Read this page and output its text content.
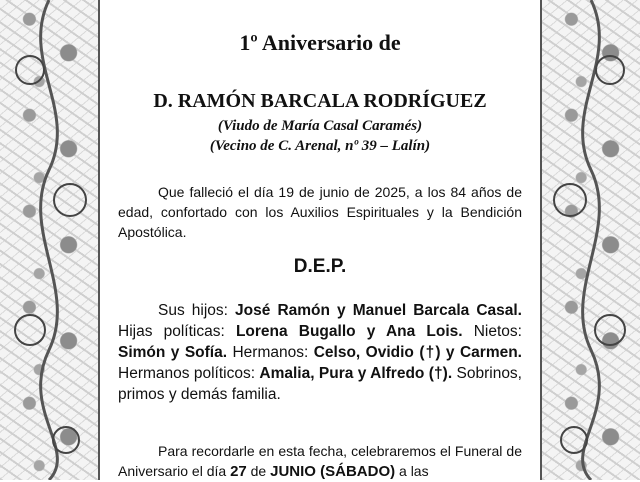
1º Aniversario de
D. RAMÓN BARCALA RODRÍGUEZ
(Viudo de María Casal Caramés)
(Vecino de C. Arenal, nº 39 – Lalín)
Que falleció el día 19 de junio de 2025, a los 84 años de edad, confortado con los Auxilios Espirituales y la Bendición Apostólica.
D.E.P.
Sus hijos: José Ramón y Manuel Barcala Casal. Hijas políticas: Lorena Bugallo y Ana Lois. Nietos: Simón y Sofía. Hermanos: Celso, Ovidio (†) y Carmen. Hermanos políticos: Amalia, Pura y Alfredo (†). Sobrinos, primos y demás familia.
Para recordarle en esta fecha, celebraremos el Funeral de Aniversario el día 27 de JUNIO (SÁBADO) a las
